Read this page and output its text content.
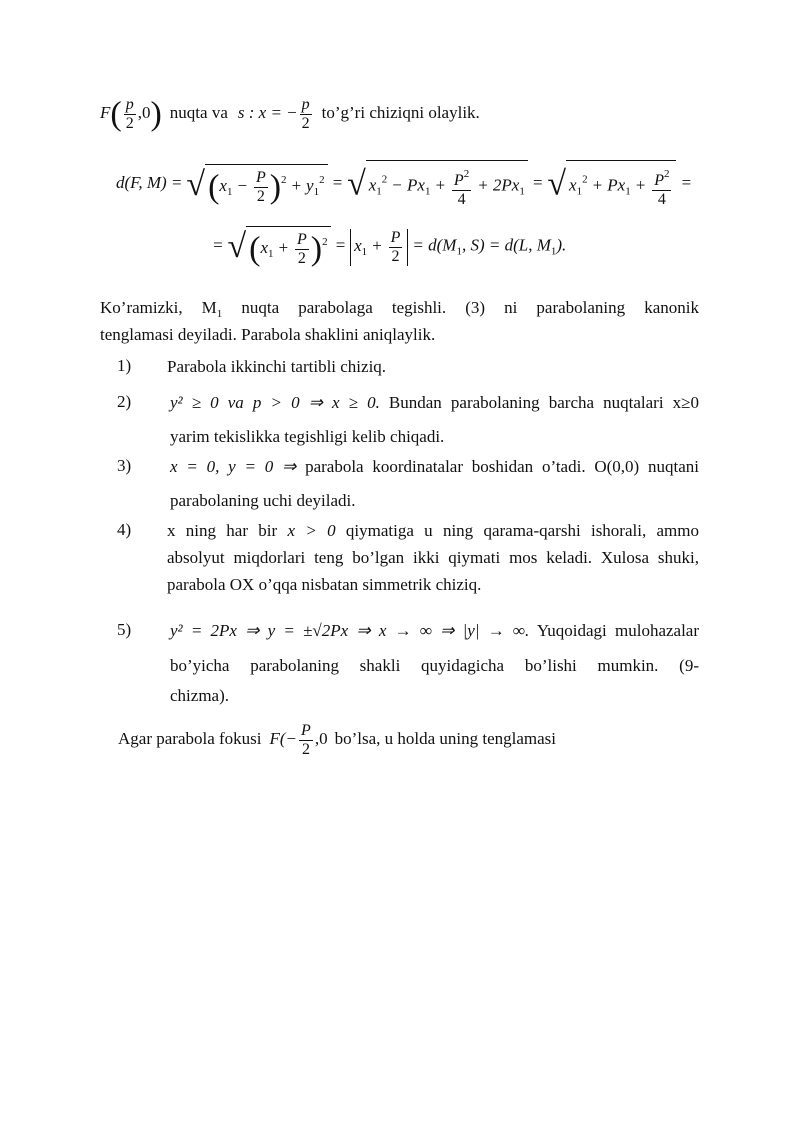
$F( \frac{p}{2} ,0)$ nuqta va s : x = − $\frac{p}{2}$ to’g’ri chiziqni olaylik.
d(F, $M) = √(x_1 - \frac{P}{2} )^2 + y_1^2$ = √ $x_1^2 - Px_1 + \frac{P^2}{4} + 2Px_1$ = √ $x_1^2 + Px_1 + \frac{P^2}{4}$ =
= $√(x_1 + \frac{P}{2} )^2 = x_1 + \frac{P}{2} = d(M_1$, S) = d(L, $M_1$).
Ko’ramizki, $M_1$ nuqta parabolaga tegishli. (3) ni parabolaning kanonik
tenglamasi deyiladi. Parabola shaklini aniqlaylik.
1) Parabola ikkinchi tartibli chiziq.
2) y² ≥ 0 va p > 0 ⇒ x ≥ 0. Bundan parabolaning barcha nuqtalari x≥0
yarim tekislikka tegishligi kelib chiqadi.
3) x = 0, y = 0 ⇒ parabola koordinatalar boshidan o’tadi. O(0,0) nuqtani
parabolaning uchi deyiladi.
4) x ning har bir x > 0 qiymatiga u ning qarama-qarshi ishorali, ammo
absolyut miqdorlari teng bo’lgan ikki qiymati mos keladi. Xulosa shuki,
parabola OX o’qqa nisbatan simmetrik chiziq.
5) y² = 2Px ⇒ y = ±√2Px ⇒ x → ∞ ⇒ |y| → ∞. Yuqoidagi mulohazalar
bo’yicha parabolaning shakli quyidagicha bo’lishi mumkin. (9-
chizma).
Agar parabola fokusi $F(- \frac{P}{2} ,0$ bo’lsa, u holda uning tenglamasi
